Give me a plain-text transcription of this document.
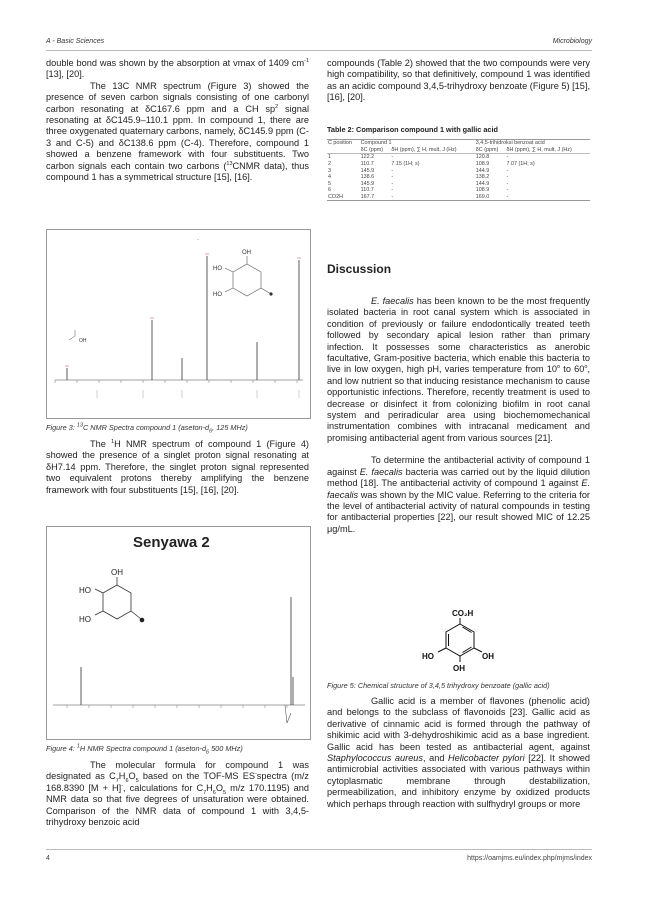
A - Basic Sciences	Microbiology

double bond was shown by the absorption at vmax of 1409 $cm^{-1}$ [13], [20].

The 13C NMR spectrum (Figure 3) showed the presence of seven carbon signals consisting of one carbonyl carbon resonating at δC167.6 ppm and a CH $sp^2$ signal resonating at δC145.9–110.1 ppm. In compound 1, there are three oxygenated quaternary carbons, namely, δC145.9 ppm (C-3 and C-5) and δC138.6 ppm (C-4). Therefore, compound 1 showed a benzene framework with four substituents. Two carbon signals each contain two carbons ($^{13}$CNMR data), thus compound 1 has a symmetrical structure [15], [16].

–
OH
HO
HO
OH
Figure 3: $^{13}$C NMR Spectra compound 1 ($aseton-d_6$, 125 MHz)

The $^1$H NMR spectrum of compound 1 (Figure 4) showed the presence of a singlet proton signal resonating at δH7.14 ppm. Therefore, the singlet proton signal represented two equivalent protons thereby amplifying the benzene framework with four substituents [15], [16], [20].

Senyawa 2
OH
HO
HO
Figure 4: $^1$H NMR Spectra compound 1 ($aseton-d_6$ 500 MHz)

The molecular formula for compound 1 was designated as $C_7H_6O_5$ based on the TOF-MS ES-spectra (m/z 168.8390 [M + H]-, calculations for $C_7H_6O_5$ m/z 170.1195) and NMR data so that five degrees of unsaturation were obtained. Comparison of the NMR data of compound 1 with 3,4,5-trihydroxy benzoic acid

compounds (Table 2) showed that the two compounds were very high compatibility, so that definitively, compound 1 was identified as an acidic compound 3,4,5-trihydroxy benzoate (Figure 5) [15], [16], [20].

Table 2: Comparison compound 1 with gallic acid
C position	Compound 1		3,4,5-trihidroksi benzoat acid	
	δC (ppm)	δH (ppm), ∑ H, mult, J (Hz)	δC (ppm)	δH (ppm), ∑ H, mult, J (Hz)
1	122.2	-	120.8	-
2	110.7	7.15 (1H; s)	108.9	7.07 (1H; s)
3	145.9	-	144.9	-
4	138.6	-	138.2	-
5	145.9	-	144.9	-
6	110.7	-	108.9	-
CO2H	167.7	-	169.0	-
Discussion

E. faecalis has been known to be the most frequently isolated bacteria in root canal system which is associated in condition of previously or failure endodontically treated teeth followed by secondary apical lesion rather than primary infection. It possesses some characteristics as anerobic facultative, Gram-positive bacteria, which enable this bacteria to live in low oxygen, high pH, varies temperature from 10$^o$ to 60$^o$, and low nutrient so that inducing resistance mechanism to cause opportunistic infections. Therefore, recently treatment is used to decrease or disinfect it from colonizing biofilm in root canal system and periradicular area using biochemomechanical instrumentation combines with intracanal medicament and promising antibacterial agent from various sources [21].

To determine the antibacterial activity of compound 1 against E. faecalis bacteria was carried out by the liquid dilution method [18]. The antibacterial activity of compound 1 against E. faecalis was shown by the MIC value. Referring to the criteria for the level of antibacterial activity of natural compounds in testing for antibacterial properties [22], our result showed MIC of 12.25 μg/mL.

CO₂H
HO	OH
OH
Figure 5: Chemical structure of 3,4,5 trihydroxy benzoate (gallic acid)

Gallic acid is a member of flavones (phenolic acid) and belongs to the subclass of flavonoids [23]. Gallic acid as derivative of cinnamic acid is formed through the pathway of shikimic acid with 3-dehydroshikimic acid as a base ingredient. Gallic acid has been tested as antibacterial agent, against Staphylococcus aureus, and Helicobacter pylori [22]. It showed antimicrobial activities associated with various pathways within cytoplasmatic membrane through destabilization, permeabilization, and inhibitory enzyme by oxidized products which perhaps through reaction with sulfhydryl groups or more

4	https://oamjms.eu/index.php/mjms/index
